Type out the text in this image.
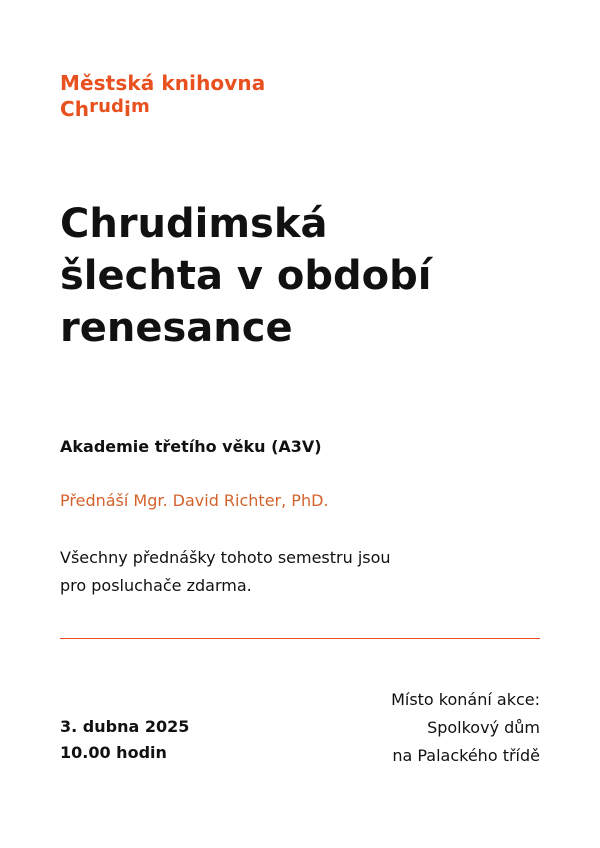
Městská knihovna
Chrudim
Chrudimská
šlechta v období
renesance
Akademie třetího věku (A3V)
Přednáší Mgr. David Richter, PhD.
Všechny přednášky tohoto semestru jsou
pro posluchače zdarma.
3. dubna 2025
10.00 hodin
Místo konání akce:
Spolkový dům
na Palackého třídě
